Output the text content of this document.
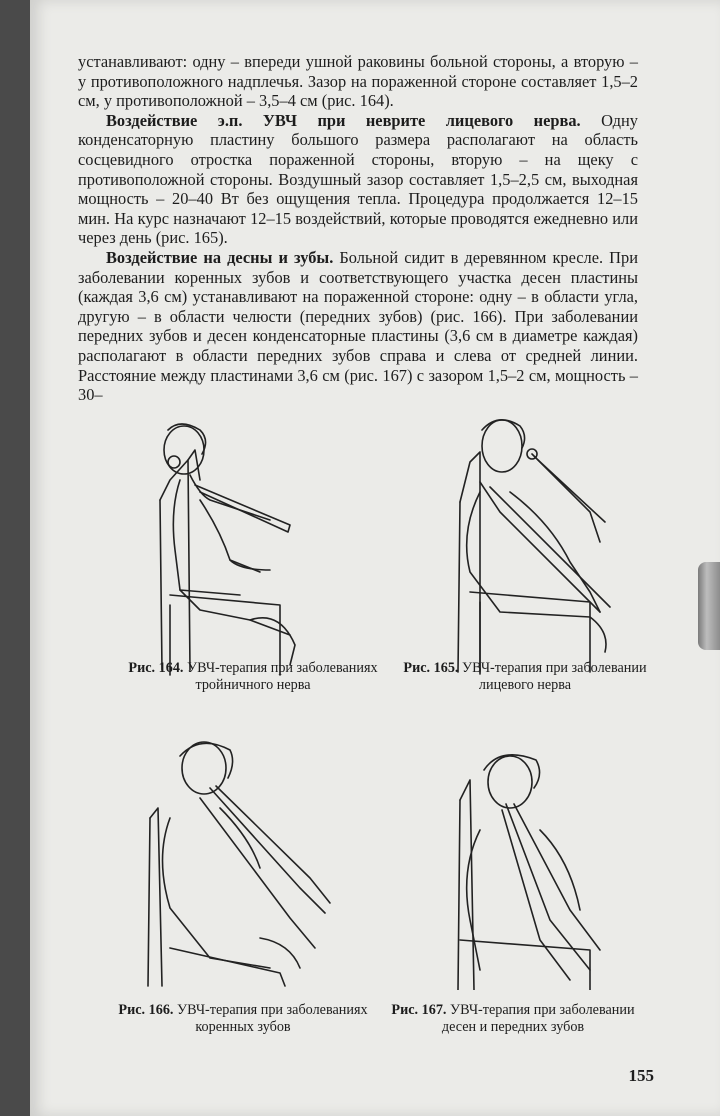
устанавливают: одну – впереди ушной раковины больной стороны, а вторую – у противоположного надплечья. Зазор на пораженной стороне составляет 1,5–2 см, у противоположной – 3,5–4 см (рис. 164).

Воздействие э.п. УВЧ при неврите лицевого нерва. Одну конденсаторную пластину большого размера располагают на область сосцевидного отростка пораженной стороны, вторую – на щеку с противоположной стороны. Воздушный зазор составляет 1,5–2,5 см, выходная мощность – 20–40 Вт без ощущения тепла. Процедура продолжается 12–15 мин. На курс назначают 12–15 воздействий, которые проводятся ежедневно или через день (рис. 165).

Воздействие на десны и зубы. Больной сидит в деревянном кресле. При заболевании коренных зубов и соответствующего участка десен пластины (каждая 3,6 см) устанавливают на пораженной стороне: одну – в области угла, другую – в области челюсти (передних зубов) (рис. 166). При заболевании передних зубов и десен конденсаторные пластины (3,6 см в диаметре каждая) располагают в области передних зубов справа и слева от средней линии. Расстояние между пластинами 3,6 см (рис. 167) с зазором 1,5–2 см, мощность – 30–

Рис. 164. УВЧ-терапия при заболеваниях тройничного нерва
Рис. 165. УВЧ-терапия при заболевании лицевого нерва
Рис. 166. УВЧ-терапия при заболеваниях коренных зубов
Рис. 167. УВЧ-терапия при заболевании десен и передних зубов
155
